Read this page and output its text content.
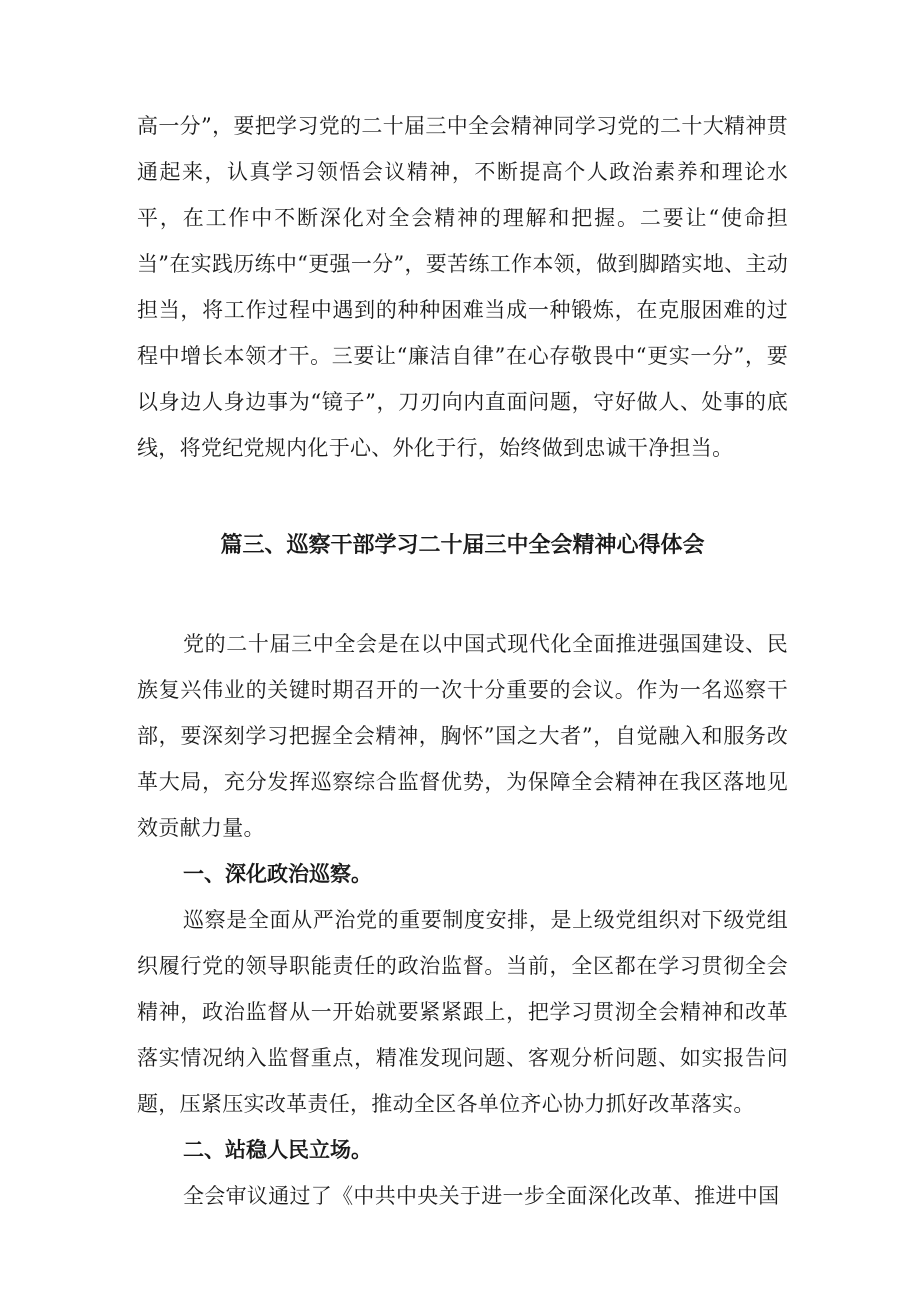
高一分”，要把学习党的二十届三中全会精神同学习党的二十大精神贯通起来，认真学习领悟会议精神，不断提高个人政治素养和理论水平，在工作中不断深化对全会精神的理解和把握。二要让“使命担当”在实践历练中“更强一分”，要苦练工作本领，做到脚踏实地、主动担当，将工作过程中遇到的种种困难当成一种锻炼，在克服困难的过程中增长本领才干。三要让“廉洁自律”在心存敬畏中“更实一分”，要以身边人身边事为“镜子”，刀刃向内直面问题，守好做人、处事的底线，将党纪党规内化于心、外化于行，始终做到忠诚干净担当。

篇三、巡察干部学习二十届三中全会精神心得体会

党的二十届三中全会是在以中国式现代化全面推进强国建设、民族复兴伟业的关键时期召开的一次十分重要的会议。作为一名巡察干部，要深刻学习把握全会精神，胸怀”国之大者”，自觉融入和服务改革大局，充分发挥巡察综合监督优势，为保障全会精神在我区落地见效贡献力量。

一、深化政治巡察。

巡察是全面从严治党的重要制度安排，是上级党组织对下级党组织履行党的领导职能责任的政治监督。当前，全区都在学习贯彻全会精神，政治监督从一开始就要紧紧跟上，把学习贯沏全会精神和改革落实情况纳入监督重点，精准发现问题、客观分析问题、如实报告问题，压紧压实改革责任，推动全区各单位齐心协力抓好改革落实。

二、站稳人民立场。

全会审议通过了《中共中央关于进一步全面深化改革、推进中国
